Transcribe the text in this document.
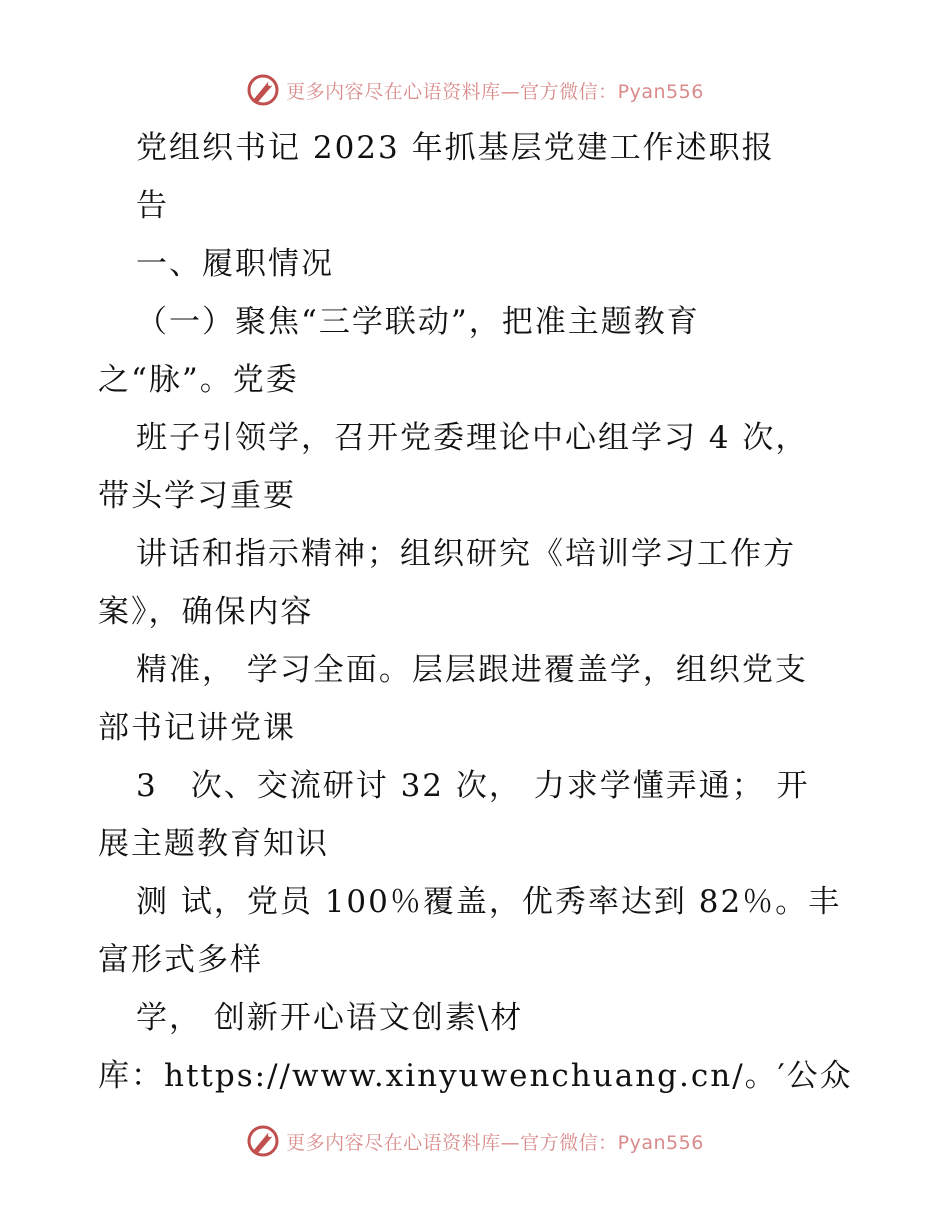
更多内容尽在心语资料库—官方微信：Pyan556
党组织书记 2023 年抓基层党建工作述职报
告
一、履职情况
（一）聚焦“三学联动”，把准主题教育
之“脉”。党委
班子引领学，召开党委理论中心组学习 4 次，
带头学习重要
讲话和指示精神；组织研究《培训学习工作方
案》，确保内容
精准， 学习全面。层层跟进覆盖学，组织党支
部书记讲党课
3　次、交流研讨 32 次， 力求学懂弄通； 开
展主题教育知识
测 试，党员 100％覆盖，优秀率达到 82％。丰
富形式多样
学， 创新开心语文创素\材
库：https://www.xinyuwenchuang.cn/。′公众
更多内容尽在心语资料库—官方微信：Pyan556
